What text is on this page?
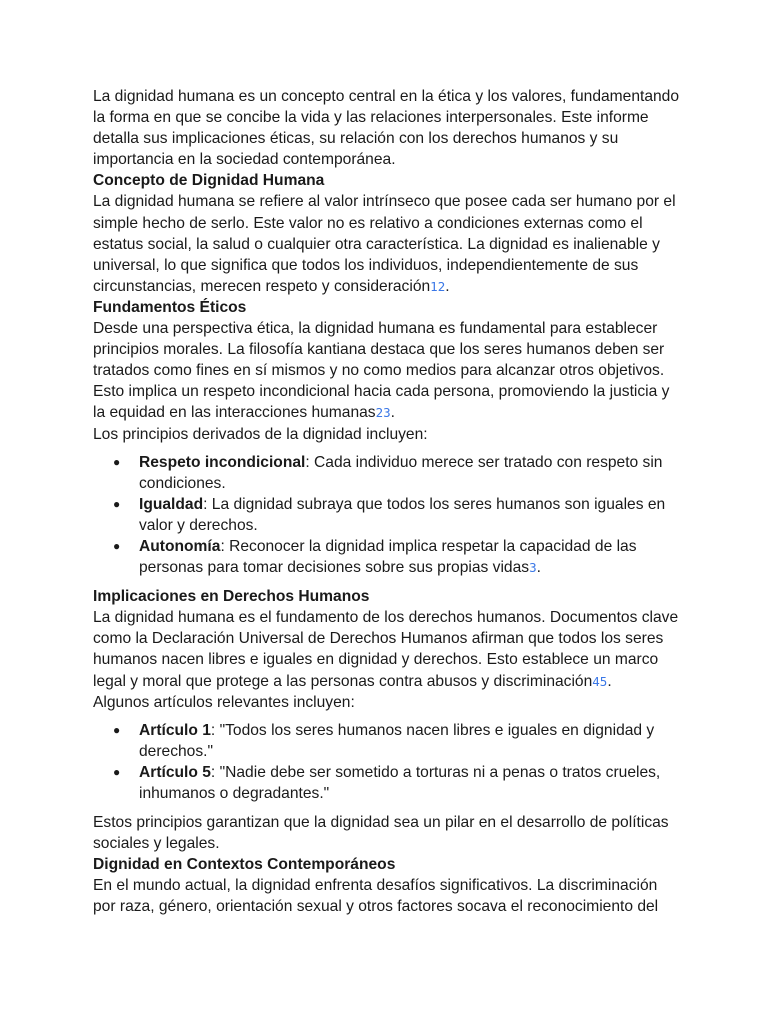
La dignidad humana es un concepto central en la ética y los valores, fundamentando la forma en que se concibe la vida y las relaciones interpersonales. Este informe detalla sus implicaciones éticas, su relación con los derechos humanos y su importancia en la sociedad contemporánea.

Concepto de Dignidad Humana

La dignidad humana se refiere al valor intrínseco que posee cada ser humano por el simple hecho de serlo. Este valor no es relativo a condiciones externas como el estatus social, la salud o cualquier otra característica. La dignidad es inalienable y universal, lo que significa que todos los individuos, independientemente de sus circunstancias, merecen respeto y consideración12.

Fundamentos Éticos

Desde una perspectiva ética, la dignidad humana es fundamental para establecer principios morales. La filosofía kantiana destaca que los seres humanos deben ser tratados como fines en sí mismos y no como medios para alcanzar otros objetivos. Esto implica un respeto incondicional hacia cada persona, promoviendo la justicia y la equidad en las interacciones humanas23.

Los principios derivados de la dignidad incluyen:

● Respeto incondicional: Cada individuo merece ser tratado con respeto sin condiciones.
● Igualdad: La dignidad subraya que todos los seres humanos son iguales en valor y derechos.
● Autonomía: Reconocer la dignidad implica respetar la capacidad de las personas para tomar decisiones sobre sus propias vidas3.
Implicaciones en Derechos Humanos

La dignidad humana es el fundamento de los derechos humanos. Documentos clave como la Declaración Universal de Derechos Humanos afirman que todos los seres humanos nacen libres e iguales en dignidad y derechos. Esto establece un marco legal y moral que protege a las personas contra abusos y discriminación45.

Algunos artículos relevantes incluyen:

● Artículo 1: "Todos los seres humanos nacen libres e iguales en dignidad y derechos."
● Artículo 5: "Nadie debe ser sometido a torturas ni a penas o tratos crueles, inhumanos o degradantes."

Estos principios garantizan que la dignidad sea un pilar en el desarrollo de políticas sociales y legales.

Dignidad en Contextos Contemporáneos

En el mundo actual, la dignidad enfrenta desafíos significativos. La discriminación por raza, género, orientación sexual y otros factores socava el reconocimiento del
